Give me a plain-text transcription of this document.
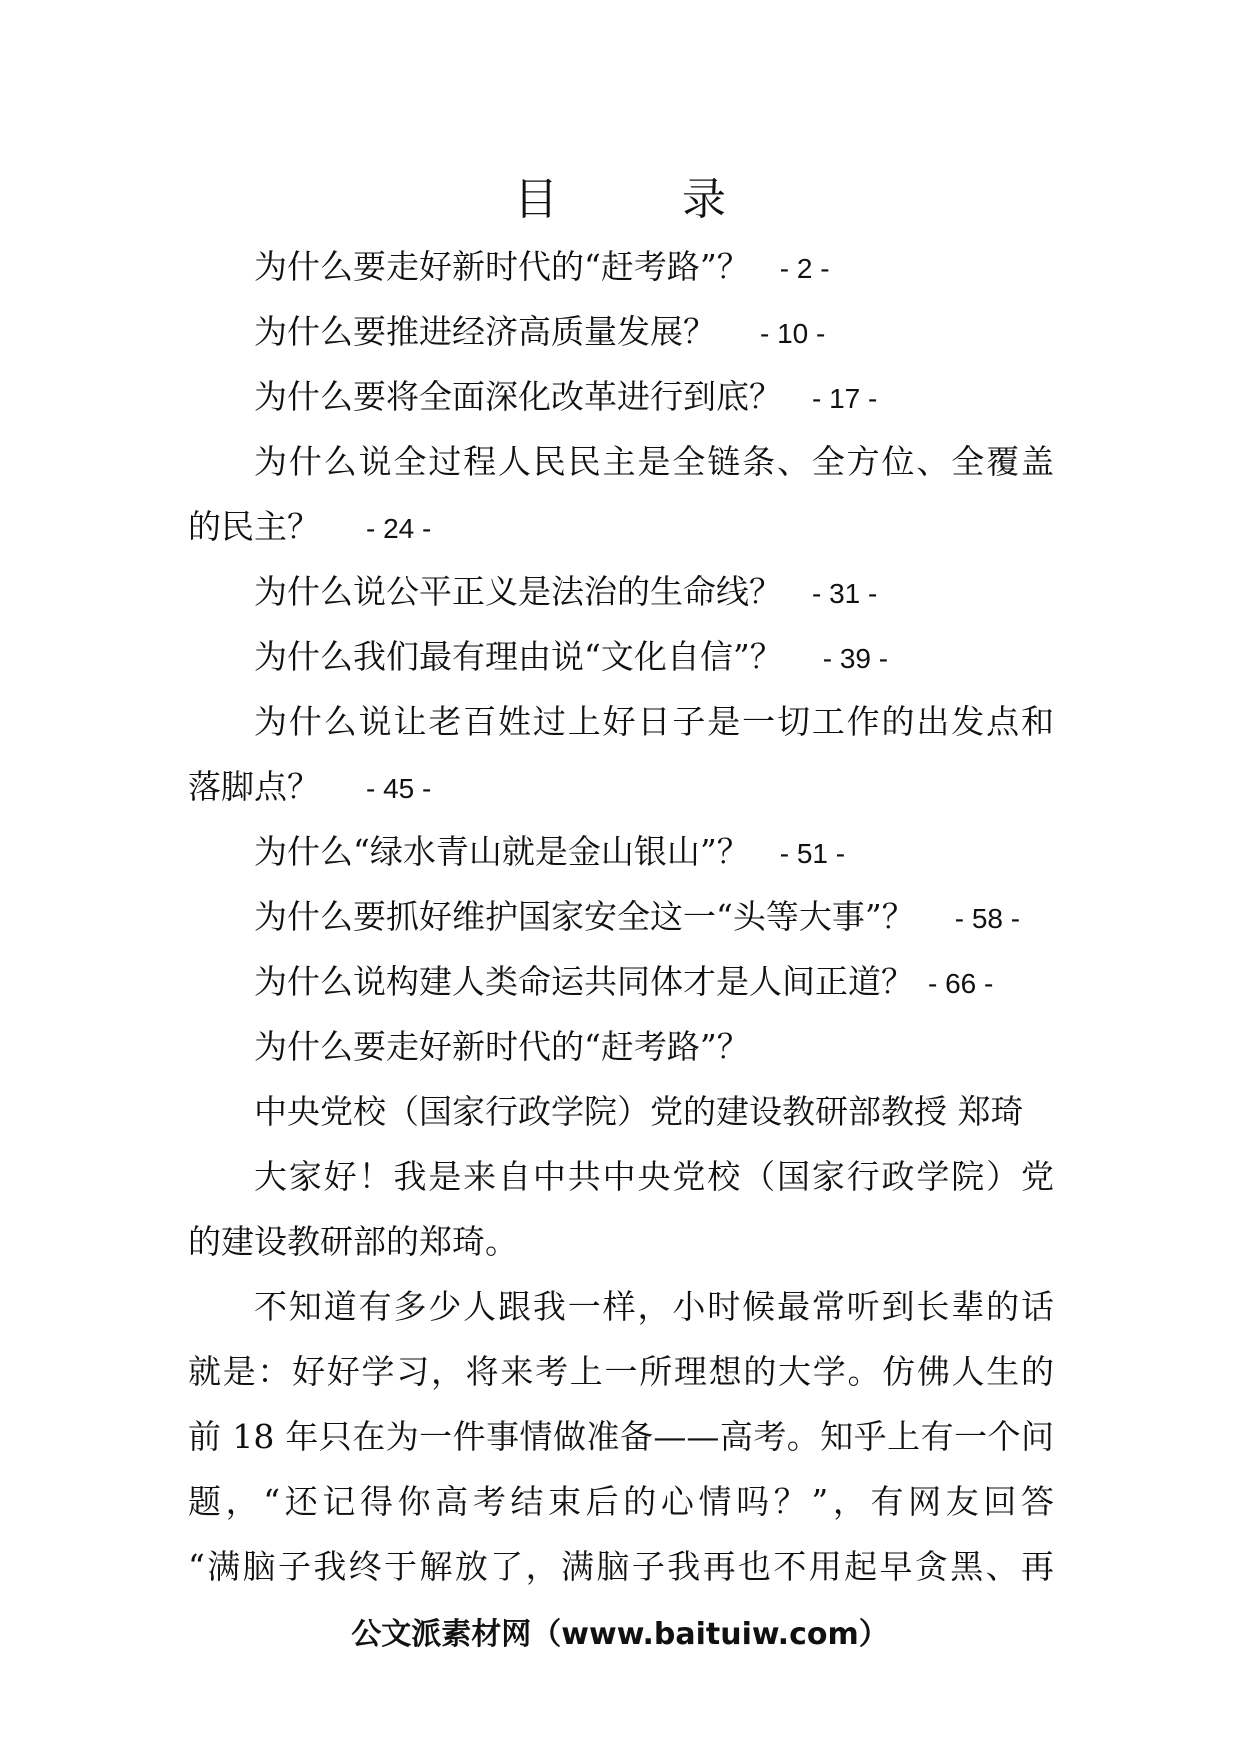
目　录
为什么要走好新时代的“赶考路”？ - 2 -
为什么要推进经济高质量发展？ - 10 -
为什么要将全面深化改革进行到底？ - 17 -
为什么说全过程人民民主是全链条、全方位、全覆盖
的民主？ - 24 -
为什么说公平正义是法治的生命线？ - 31 -
为什么我们最有理由说“文化自信”？ - 39 -
为什么说让老百姓过上好日子是一切工作的出发点和
落脚点？ - 45 -
为什么“绿水青山就是金山银山”？ - 51 -
为什么要抓好维护国家安全这一“头等大事”？ - 58 -
为什么说构建人类命运共同体才是人间正道？ - 66 -
为什么要走好新时代的“赶考路”？
中央党校（国家行政学院）党的建设教研部教授 郑琦
大家好！我是来自中共中央党校（国家行政学院）党
的建设教研部的郑琦。
不知道有多少人跟我一样，小时候最常听到长辈的话
就是：好好学习，将来考上一所理想的大学。仿佛人生的
前 18 年只在为一件事情做准备——高考。知乎上有一个问
题，“还记得你高考结束后的心情吗？”，有网友回答
“满脑子我终于解放了，满脑子我再也不用起早贪黑、再
公文派素材网（www.baituiw.com）
